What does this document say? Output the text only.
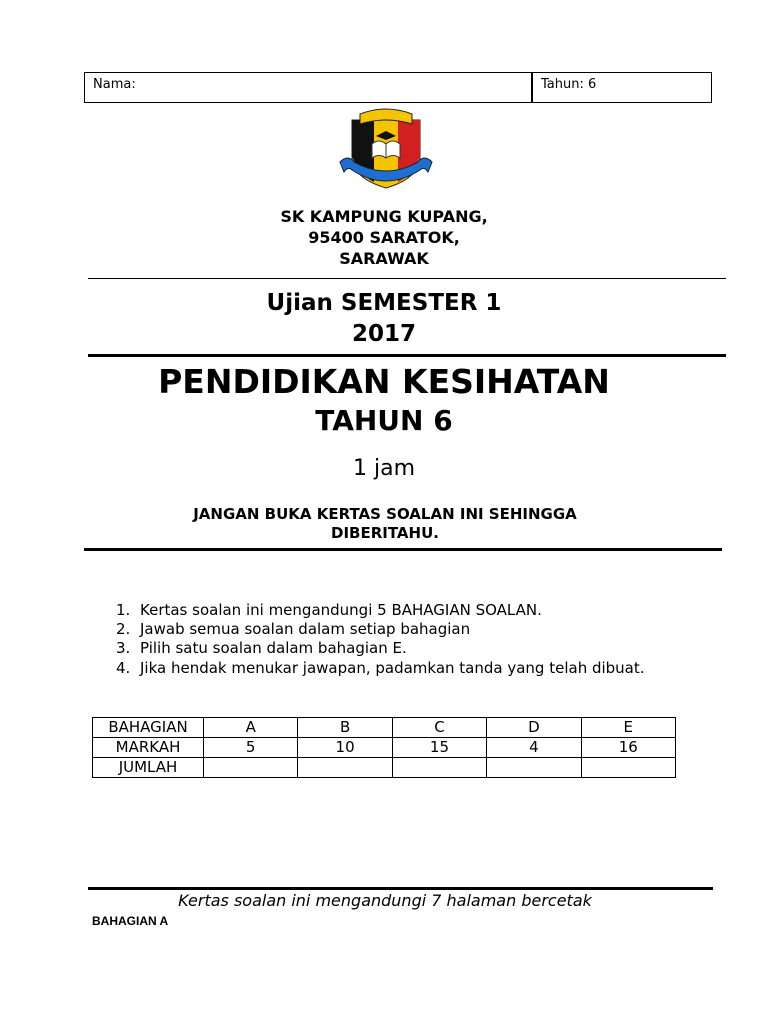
Nama:	Tahun: 6
SK KAMPUNG KUPANG,
95400 SARATOK,
SARAWAK
Ujian SEMESTER 1
2017
PENDIDIKAN KESIHATAN
TAHUN 6
1 jam
JANGAN BUKA KERTAS SOALAN INI SEHINGGA
DIBERITAHU.
1. Kertas soalan ini mengandungi 5 BAHAGIAN SOALAN.
2. Jawab semua soalan dalam setiap bahagian
3. Pilih satu soalan dalam bahagian E.
4. Jika hendak menukar jawapan, padamkan tanda yang telah dibuat.
BAHAGIAN	A	B	C	D	E
MARKAH	5	10	15	4	16
JUMLAH					
Kertas soalan ini mengandungi 7 halaman bercetak
BAHAGIAN A
